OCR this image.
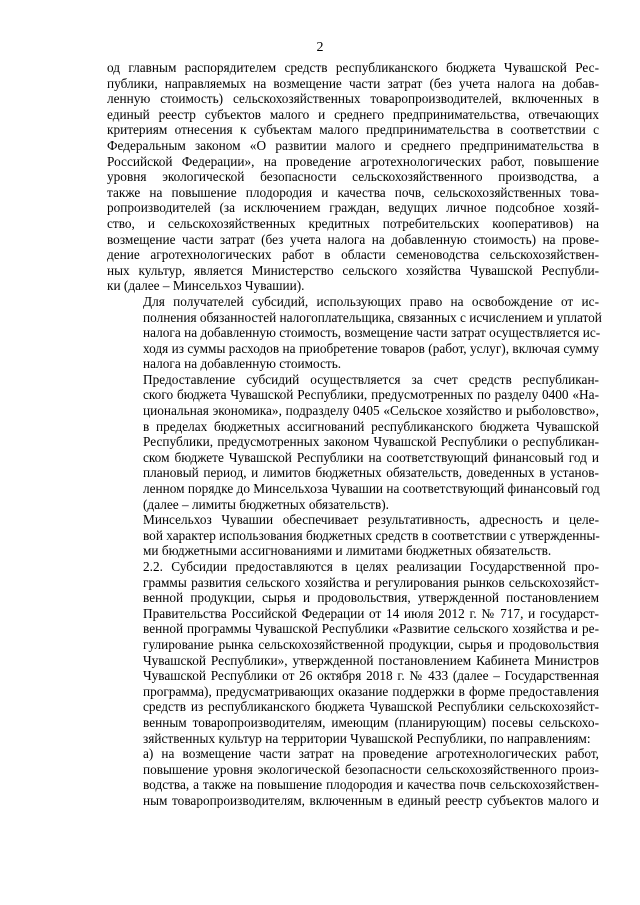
2

од главным распорядителем средств республиканского бюджета Чувашской Рес-
публики, направляемых на возмещение части затрат (без учета налога на добав-
ленную стоимость) сельскохозяйственных товаропроизводителей, включенных в
единый реестр субъектов малого и среднего предпринимательства, отвечающих
критериям отнесения к субъектам малого предпринимательства в соответствии с
Федеральным законом «О развитии малого и среднего предпринимательства в
Российской Федерации», на проведение агротехнологических работ, повышение
уровня экологической безопасности сельскохозяйственного производства, а
также на повышение плодородия и качества почв, сельскохозяйственных това-
ропроизводителей (за исключением граждан, ведущих личное подсобное хозяй-
ство, и сельскохозяйственных кредитных потребительских кооперативов) на
возмещение части затрат (без учета налога на добавленную стоимость) на прове-
дение агротехнологических работ в области семеноводства сельскохозяйствен-
ных культур, является Министерство сельского хозяйства Чувашской Республи-
ки (далее – Минсельхоз Чувашии).

Для получателей субсидий, использующих право на освобождение от ис-
полнения обязанностей налогоплательщика, связанных с исчислением и уплатой
налога на добавленную стоимость, возмещение части затрат осуществляется ис-
ходя из суммы расходов на приобретение товаров (работ, услуг), включая сумму
налога на добавленную стоимость.

Предоставление субсидий осуществляется за счет средств республикан-
ского бюджета Чувашской Республики, предусмотренных по разделу 0400 «На-
циональная экономика», подразделу 0405 «Сельское хозяйство и рыболовство»,
в пределах бюджетных ассигнований республиканского бюджета Чувашской
Республики, предусмотренных законом Чувашской Республики о республикан-
ском бюджете Чувашской Республики на соответствующий финансовый год и
плановый период, и лимитов бюджетных обязательств, доведенных в установ-
ленном порядке до Минсельхоза Чувашии на соответствующий финансовый год
(далее – лимиты бюджетных обязательств).

Минсельхоз Чувашии обеспечивает результативность, адресность и целе-
вой характер использования бюджетных средств в соответствии с утвержденны-
ми бюджетными ассигнованиями и лимитами бюджетных обязательств.

2.2. Субсидии предоставляются в целях реализации Государственной про-
граммы развития сельского хозяйства и регулирования рынков сельскохозяйст-
венной продукции, сырья и продовольствия, утвержденной постановлением
Правительства Российской Федерации от 14 июля 2012 г. № 717, и государст-
венной программы Чувашской Республики «Развитие сельского хозяйства и ре-
гулирование рынка сельскохозяйственной продукции, сырья и продовольствия
Чувашской Республики», утвержденной постановлением Кабинета Министров
Чувашской Республики от 26 октября 2018 г. № 433 (далее – Государственная
программа), предусматривающих оказание поддержки в форме предоставления
средств из республиканского бюджета Чувашской Республики сельскохозяйст-
венным товаропроизводителям, имеющим (планирующим) посевы сельскохо-
зяйственных культур на территории Чувашской Республики, по направлениям:

а) на возмещение части затрат на проведение агротехнологических работ,
повышение уровня экологической безопасности сельскохозяйственного произ-
водства, а также на повышение плодородия и качества почв сельскохозяйствен-
ным товаропроизводителям, включенным в единый реестр субъектов малого и
